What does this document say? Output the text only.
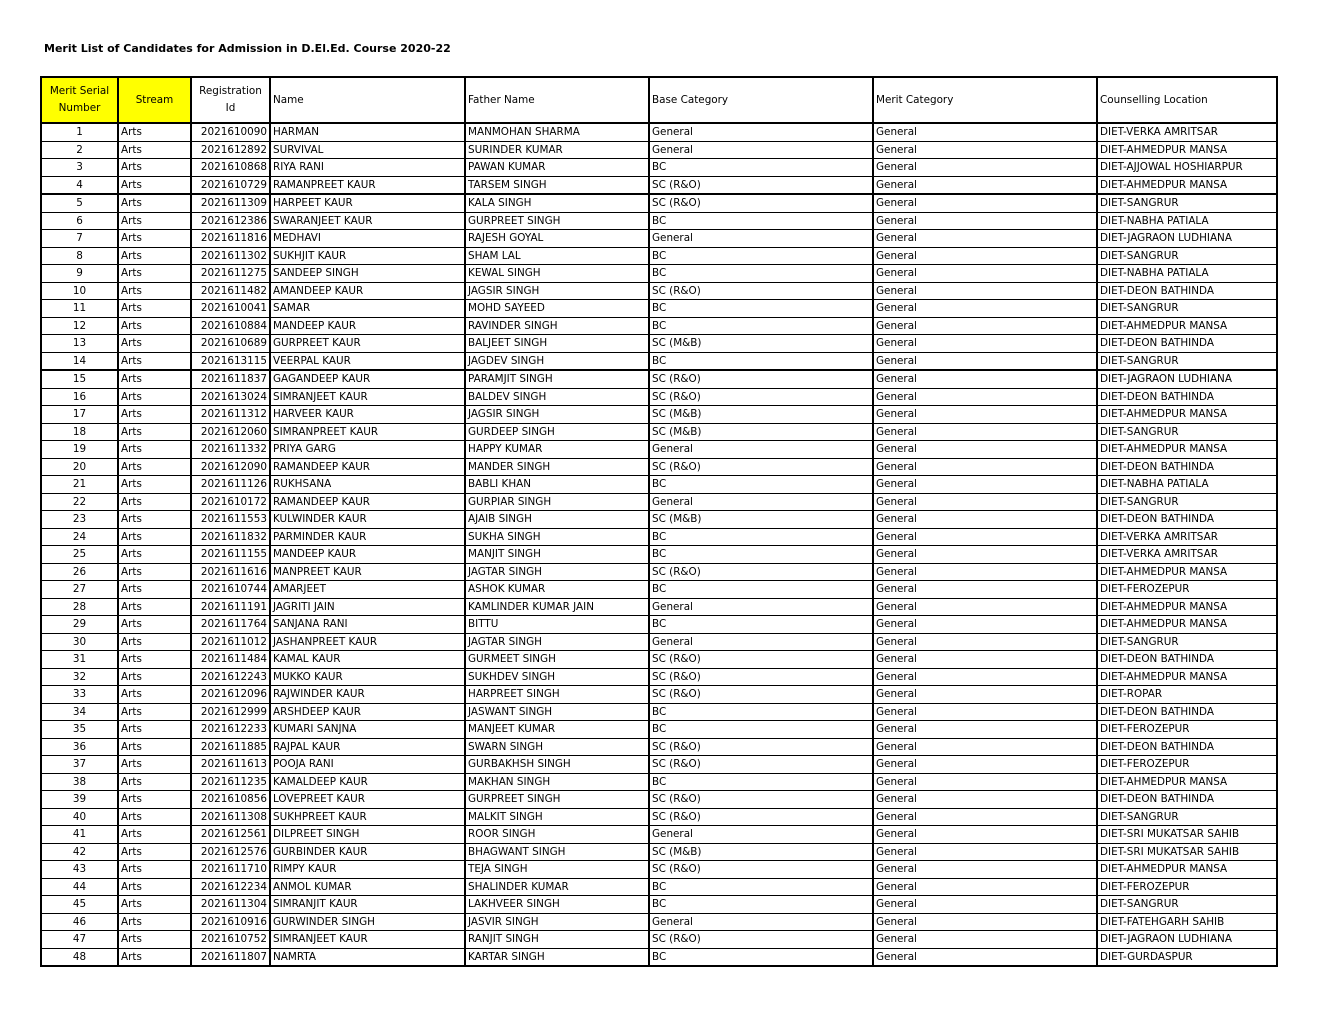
Merit List of Candidates for Admission in D.El.Ed. Course 2020-22
Merit Serial Number	Stream	Registration Id	Name	Father Name	Base Category	Merit Category	Counselling Location
1	Arts	2021610090	HARMAN	MANMOHAN SHARMA	General	General	DIET-VERKA AMRITSAR
2	Arts	2021612892	SURVIVAL	SURINDER KUMAR	General	General	DIET-AHMEDPUR MANSA
3	Arts	2021610868	RIYA RANI	PAWAN KUMAR	BC	General	DIET-AJJOWAL HOSHIARPUR
4	Arts	2021610729	RAMANPREET KAUR	TARSEM SINGH	SC (R&O)	General	DIET-AHMEDPUR MANSA
5	Arts	2021611309	HARPEET KAUR	KALA SINGH	SC (R&O)	General	DIET-SANGRUR
6	Arts	2021612386	SWARANJEET KAUR	GURPREET SINGH	BC	General	DIET-NABHA PATIALA
7	Arts	2021611816	MEDHAVI	RAJESH GOYAL	General	General	DIET-JAGRAON LUDHIANA
8	Arts	2021611302	SUKHJIT KAUR	SHAM LAL	BC	General	DIET-SANGRUR
9	Arts	2021611275	SANDEEP SINGH	KEWAL SINGH	BC	General	DIET-NABHA PATIALA
10	Arts	2021611482	AMANDEEP KAUR	JAGSIR SINGH	SC (R&O)	General	DIET-DEON BATHINDA
11	Arts	2021610041	SAMAR	MOHD SAYEED	BC	General	DIET-SANGRUR
12	Arts	2021610884	MANDEEP KAUR	RAVINDER SINGH	BC	General	DIET-AHMEDPUR MANSA
13	Arts	2021610689	GURPREET KAUR	BALJEET SINGH	SC (M&B)	General	DIET-DEON BATHINDA
14	Arts	2021613115	VEERPAL KAUR	JAGDEV SINGH	BC	General	DIET-SANGRUR
15	Arts	2021611837	GAGANDEEP KAUR	PARAMJIT SINGH	SC (R&O)	General	DIET-JAGRAON LUDHIANA
16	Arts	2021613024	SIMRANJEET KAUR	BALDEV SINGH	SC (R&O)	General	DIET-DEON BATHINDA
17	Arts	2021611312	HARVEER KAUR	JAGSIR SINGH	SC (M&B)	General	DIET-AHMEDPUR MANSA
18	Arts	2021612060	SIMRANPREET KAUR	GURDEEP SINGH	SC (M&B)	General	DIET-SANGRUR
19	Arts	2021611332	PRIYA GARG	HAPPY KUMAR	General	General	DIET-AHMEDPUR MANSA
20	Arts	2021612090	RAMANDEEP KAUR	MANDER SINGH	SC (R&O)	General	DIET-DEON BATHINDA
21	Arts	2021611126	RUKHSANA	BABLI KHAN	BC	General	DIET-NABHA PATIALA
22	Arts	2021610172	RAMANDEEP KAUR	GURPIAR SINGH	General	General	DIET-SANGRUR
23	Arts	2021611553	KULWINDER KAUR	AJAIB SINGH	SC (M&B)	General	DIET-DEON BATHINDA
24	Arts	2021611832	PARMINDER KAUR	SUKHA SINGH	BC	General	DIET-VERKA AMRITSAR
25	Arts	2021611155	MANDEEP KAUR	MANJIT SINGH	BC	General	DIET-VERKA AMRITSAR
26	Arts	2021611616	MANPREET KAUR	JAGTAR SINGH	SC (R&O)	General	DIET-AHMEDPUR MANSA
27	Arts	2021610744	AMARJEET	ASHOK KUMAR	BC	General	DIET-FEROZEPUR
28	Arts	2021611191	JAGRITI JAIN	KAMLINDER KUMAR JAIN	General	General	DIET-AHMEDPUR MANSA
29	Arts	2021611764	SANJANA RANI	BITTU	BC	General	DIET-AHMEDPUR MANSA
30	Arts	2021611012	JASHANPREET KAUR	JAGTAR SINGH	General	General	DIET-SANGRUR
31	Arts	2021611484	KAMAL KAUR	GURMEET SINGH	SC (R&O)	General	DIET-DEON BATHINDA
32	Arts	2021612243	MUKKO KAUR	SUKHDEV SINGH	SC (R&O)	General	DIET-AHMEDPUR MANSA
33	Arts	2021612096	RAJWINDER KAUR	HARPREET SINGH	SC (R&O)	General	DIET-ROPAR
34	Arts	2021612999	ARSHDEEP KAUR	JASWANT SINGH	BC	General	DIET-DEON BATHINDA
35	Arts	2021612233	KUMARI SANJNA	MANJEET KUMAR	BC	General	DIET-FEROZEPUR
36	Arts	2021611885	RAJPAL KAUR	SWARN SINGH	SC (R&O)	General	DIET-DEON BATHINDA
37	Arts	2021611613	POOJA RANI	GURBAKHSH SINGH	SC (R&O)	General	DIET-FEROZEPUR
38	Arts	2021611235	KAMALDEEP KAUR	MAKHAN SINGH	BC	General	DIET-AHMEDPUR MANSA
39	Arts	2021610856	LOVEPREET KAUR	GURPREET SINGH	SC (R&O)	General	DIET-DEON BATHINDA
40	Arts	2021611308	SUKHPREET KAUR	MALKIT SINGH	SC (R&O)	General	DIET-SANGRUR
41	Arts	2021612561	DILPREET SINGH	ROOR SINGH	General	General	DIET-SRI MUKATSAR SAHIB
42	Arts	2021612576	GURBINDER KAUR	BHAGWANT SINGH	SC (M&B)	General	DIET-SRI MUKATSAR SAHIB
43	Arts	2021611710	RIMPY KAUR	TEJA SINGH	SC (R&O)	General	DIET-AHMEDPUR MANSA
44	Arts	2021612234	ANMOL KUMAR	SHALINDER KUMAR	BC	General	DIET-FEROZEPUR
45	Arts	2021611304	SIMRANJIT KAUR	LAKHVEER SINGH	BC	General	DIET-SANGRUR
46	Arts	2021610916	GURWINDER SINGH	JASVIR SINGH	General	General	DIET-FATEHGARH SAHIB
47	Arts	2021610752	SIMRANJEET KAUR	RANJIT SINGH	SC (R&O)	General	DIET-JAGRAON LUDHIANA
48	Arts	2021611807	NAMRTA	KARTAR SINGH	BC	General	DIET-GURDASPUR
